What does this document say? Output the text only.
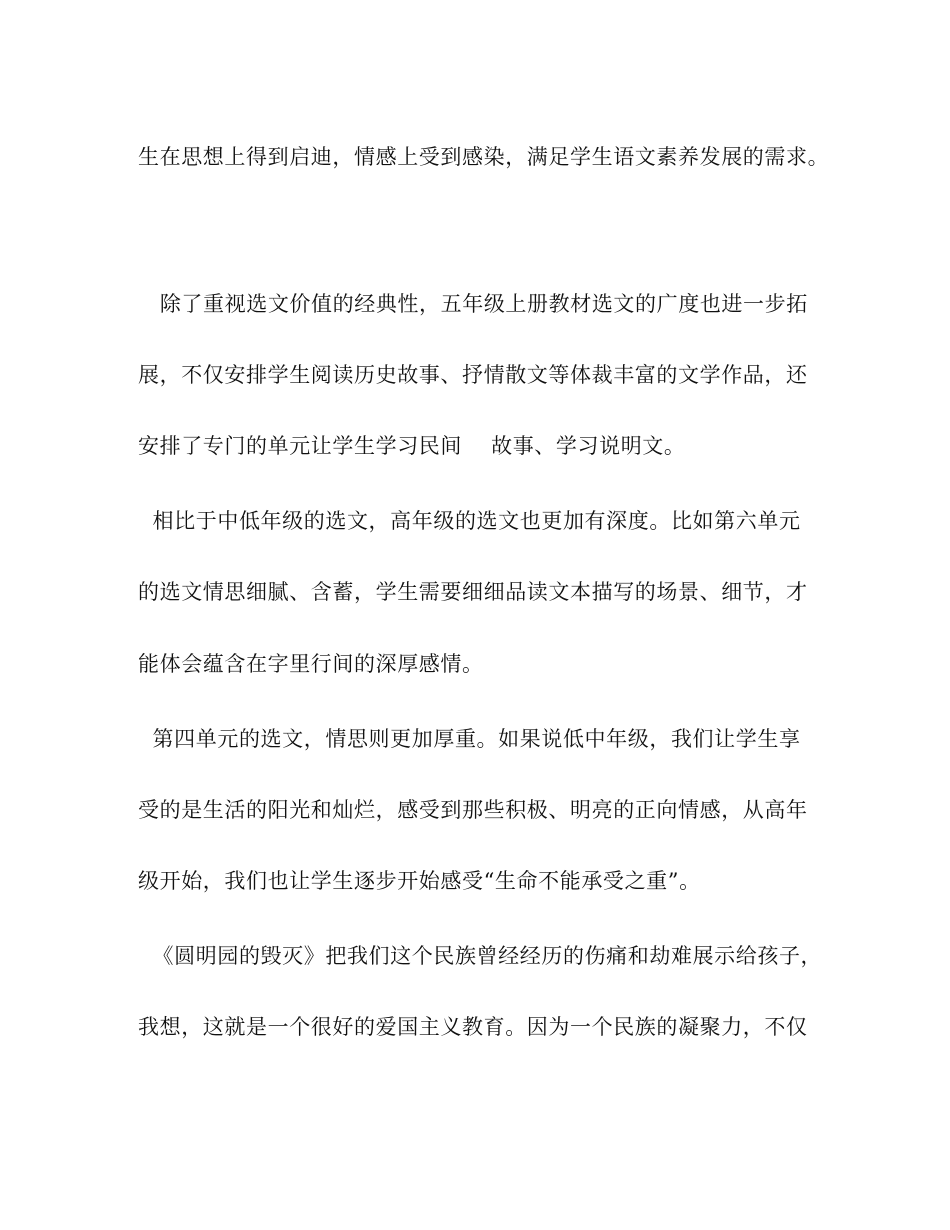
生在思想上得到启迪，情感上受到感染，满足学生语文素养发展的需求。
除了重视选文价值的经典性，五年级上册教材选文的广度也进一步拓
展，不仅安排学生阅读历史故事、抒情散文等体裁丰富的文学作品，还
安排了专门的单元让学生学习民间    故事、学习说明文。
相比于中低年级的选文，高年级的选文也更加有深度。比如第六单元
的选文情思细腻、含蓄，学生需要细细品读文本描写的场景、细节，才
能体会蕴含在字里行间的深厚感情。
第四单元的选文，情思则更加厚重。如果说低中年级，我们让学生享
受的是生活的阳光和灿烂，感受到那些积极、明亮的正向情感，从高年
级开始，我们也让学生逐步开始感受“生命不能承受之重”。
《圆明园的毁灭》把我们这个民族曾经经历的伤痛和劫难展示给孩子，
我想，这就是一个很好的爱国主义教育。因为一个民族的凝聚力，不仅
